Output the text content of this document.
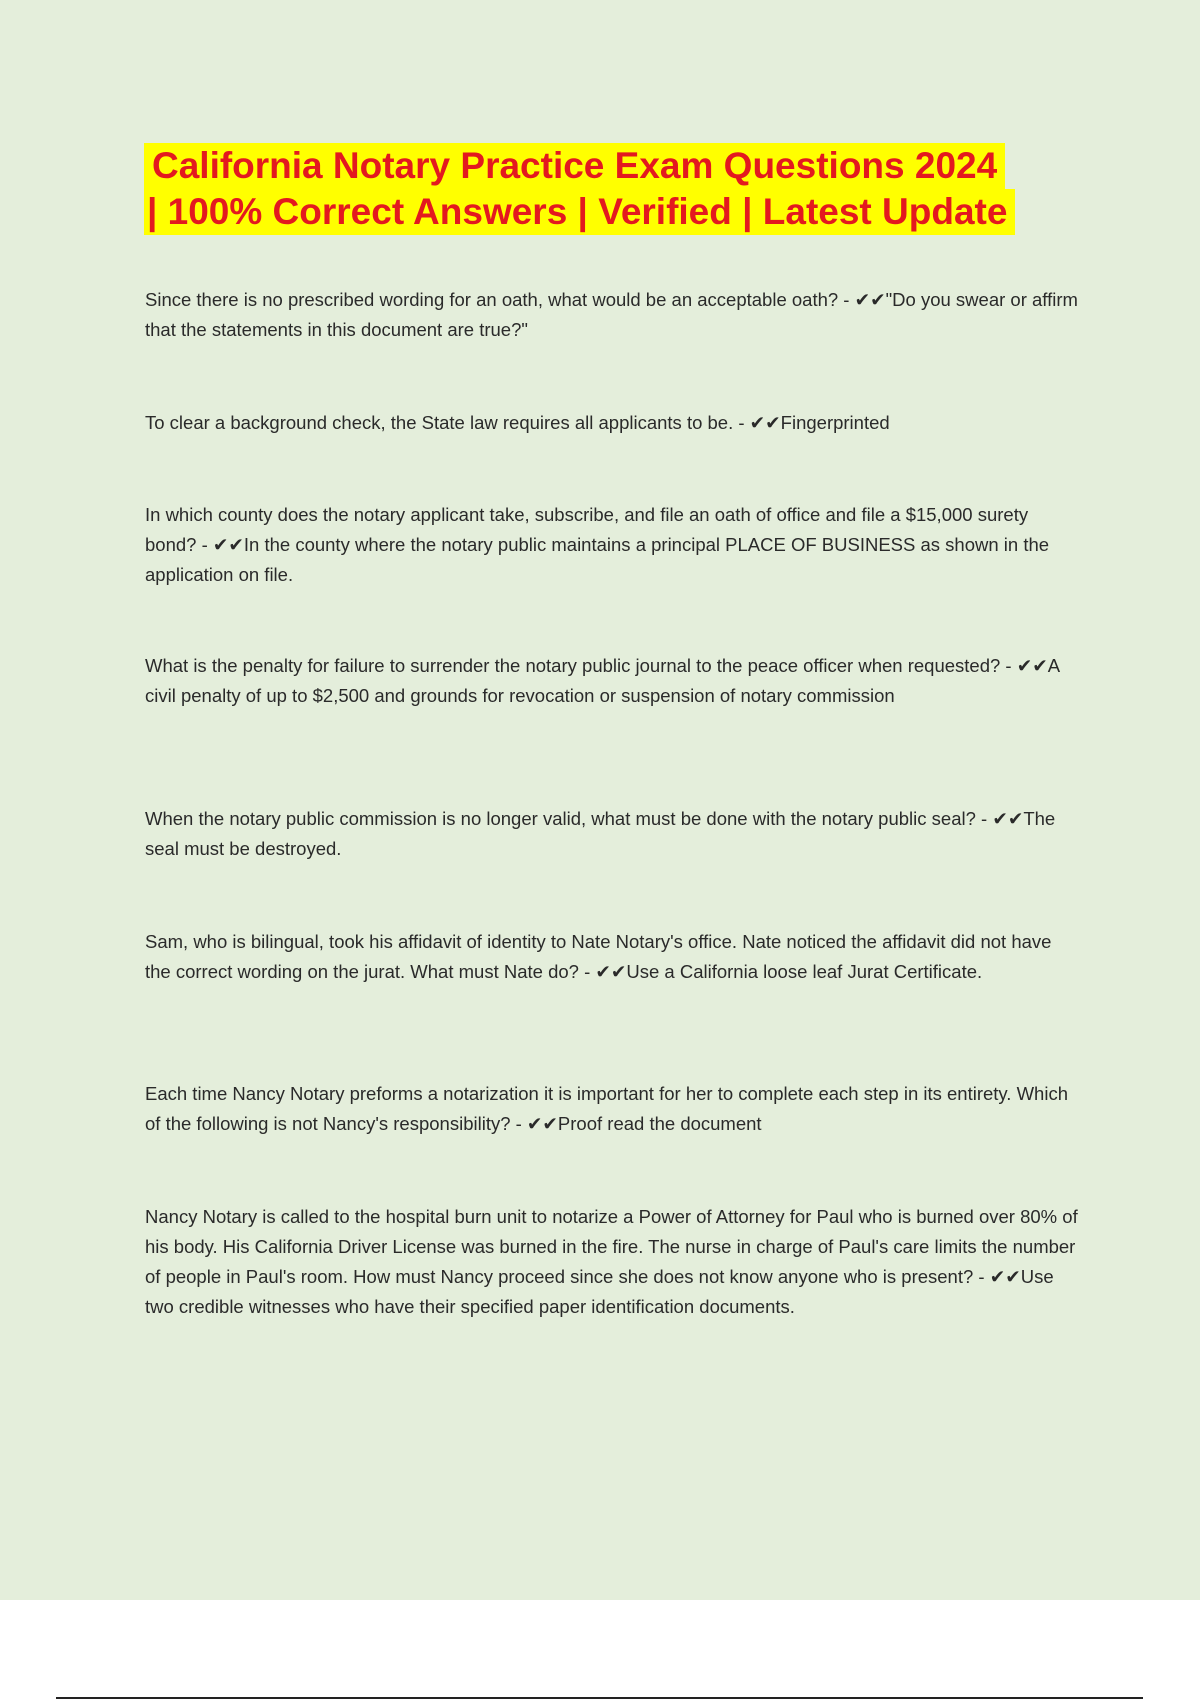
California Notary Practice Exam Questions 2024
| 100% Correct Answers | Verified | Latest Update

Since there is no prescribed wording for an oath, what would be an acceptable oath? - ✔✔"Do you swear or affirm that the statements in this document are true?"

To clear a background check, the State law requires all applicants to be. - ✔✔Fingerprinted

In which county does the notary applicant take, subscribe, and file an oath of office and file a $15,000 surety bond? - ✔✔In the county where the notary public maintains a principal PLACE OF BUSINESS as shown in the application on file.

What is the penalty for failure to surrender the notary public journal to the peace officer when requested? - ✔✔A civil penalty of up to $2,500 and grounds for revocation or suspension of notary commission

When the notary public commission is no longer valid, what must be done with the notary public seal? - ✔✔The seal must be destroyed.

Sam, who is bilingual, took his affidavit of identity to Nate Notary's office. Nate noticed the affidavit did not have the correct wording on the jurat. What must Nate do? - ✔✔Use a California loose leaf Jurat Certificate.

Each time Nancy Notary preforms a notarization it is important for her to complete each step in its entirety. Which of the following is not Nancy's responsibility? - ✔✔Proof read the document

Nancy Notary is called to the hospital burn unit to notarize a Power of Attorney for Paul who is burned over 80% of his body. His California Driver License was burned in the fire. The nurse in charge of Paul's care limits the number of people in Paul's room. How must Nancy proceed since she does not know anyone who is present? - ✔✔Use two credible witnesses who have their specified paper identification documents.
